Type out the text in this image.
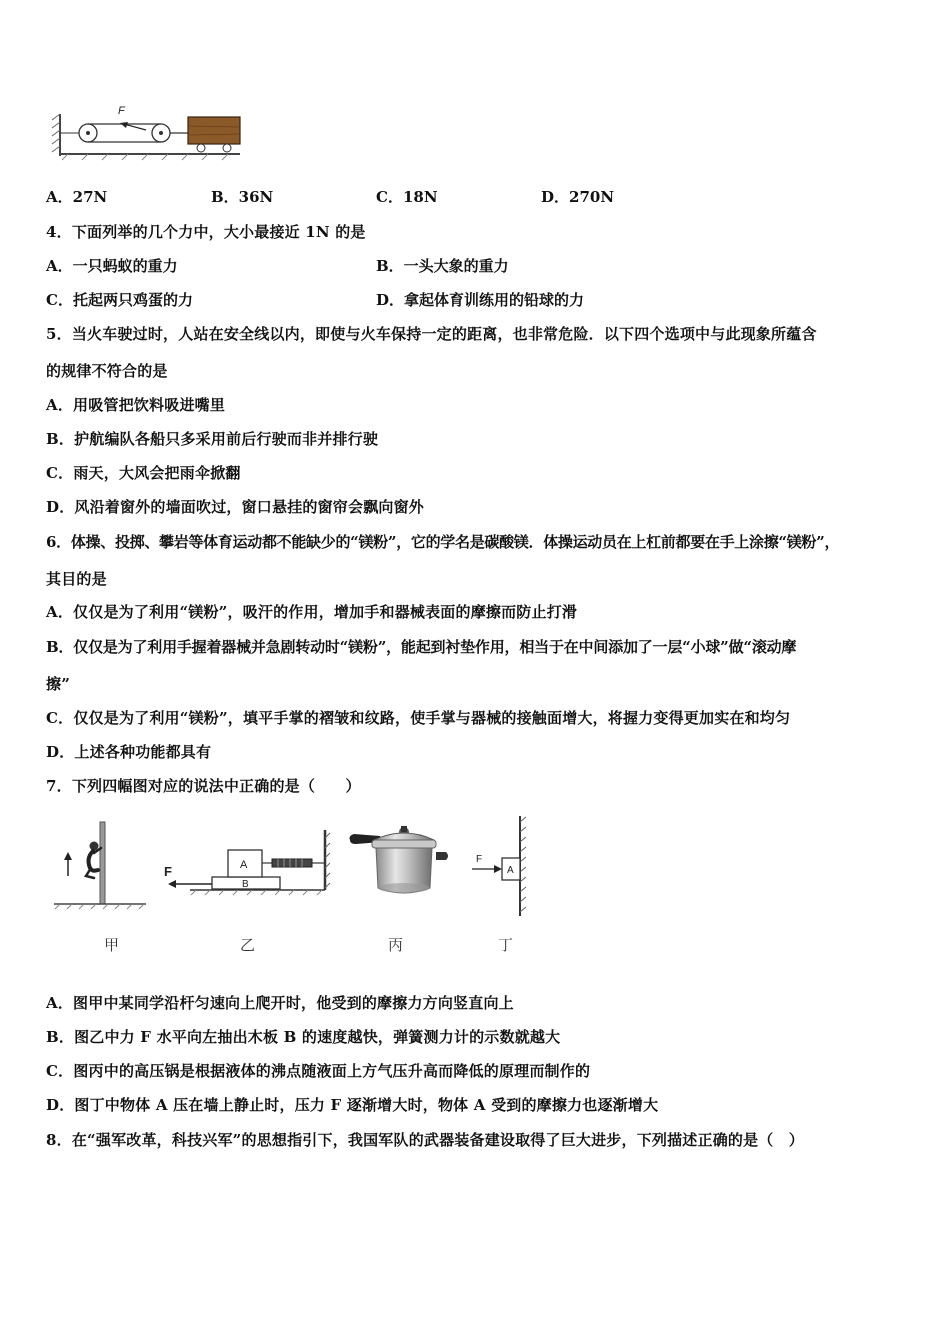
F
A．27N	B．36N	C．18N	D．270N
4．下面列举的几个力中，大小最接近 1N 的是
A．一只蚂蚁的重力	B．一头大象的重力
C．托起两只鸡蛋的力	D．拿起体育训练用的铅球的力
5．当火车驶过时，人站在安全线以内，即使与火车保持一定的距离，也非常危险．以下四个选项中与此现象所蕴含
的规律不符合的是
A．用吸管把饮料吸进嘴里
B．护航编队各船只多采用前后行驶而非并排行驶
C．雨天，大风会把雨伞掀翻
D．风沿着窗外的墙面吹过，窗口悬挂的窗帘会飘向窗外
6．体操、投掷、攀岩等体育运动都不能缺少的“镁粉”，它的学名是碳酸镁．体操运动员在上杠前都要在手上涂擦“镁粉”，
其目的是
A．仅仅是为了利用“镁粉”，吸汗的作用，增加手和器械表面的摩擦而防止打滑
B．仅仅是为了利用手握着器械并急剧转动时“镁粉”，能起到衬垫作用，相当于在中间添加了一层“小球”做“滚动摩
擦”
C．仅仅是为了利用“镁粉”，填平手掌的褶皱和纹路，使手掌与器械的接触面增大，将握力变得更加实在和均匀
D．上述各种功能都具有
7．下列四幅图对应的说法中正确的是（　　）
B
A
F	A
F
甲	乙	丙	丁
A．图甲中某同学沿杆匀速向上爬开时，他受到的摩擦力方向竖直向上
B．图乙中力 F 水平向左抽出木板 B 的速度越快，弹簧测力计的示数就越大
C．图丙中的高压锅是根据液体的沸点随液面上方气压升高而降低的原理而制作的
D．图丁中物体 A 压在墙上静止时，压力 F 逐渐增大时，物体 A 受到的摩擦力也逐渐增大
8．在“强军改革，科技兴军”的思想指引下，我国军队的武器装备建设取得了巨大进步，下列描述正确的是（　）
